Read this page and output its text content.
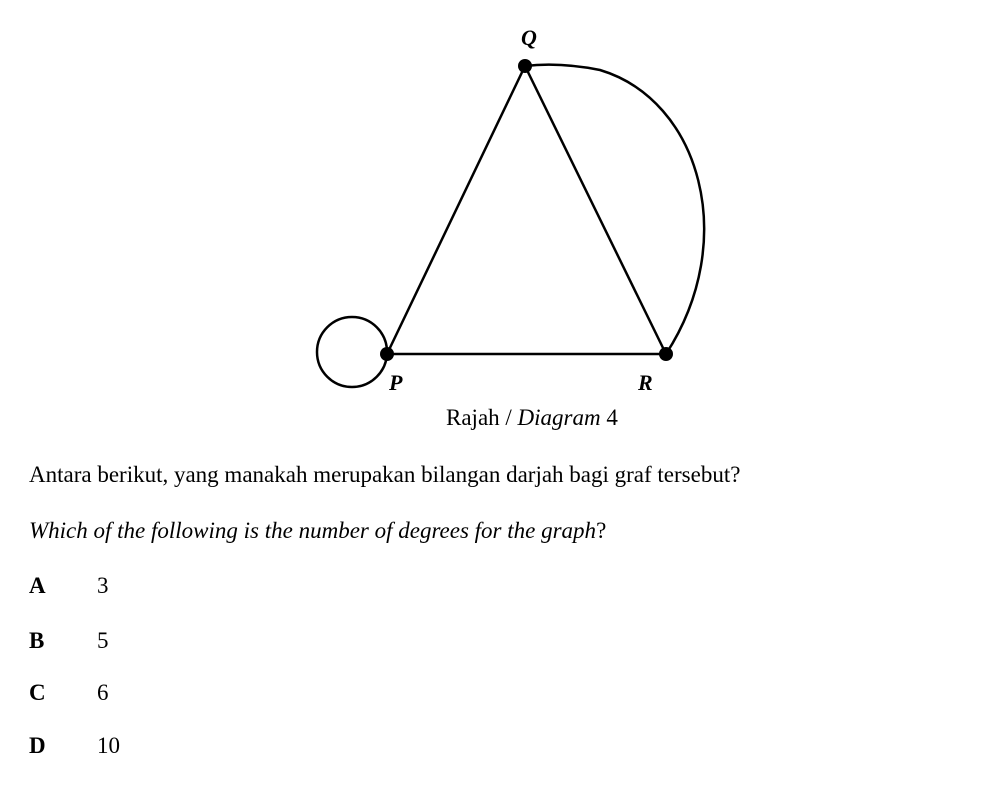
Q
P	R
Rajah / Diagram 4
Antara berikut, yang manakah merupakan bilangan darjah bagi graf tersebut?
Which of the following is the number of degrees for the graph?
A 3
B 5
C 6
D 10
